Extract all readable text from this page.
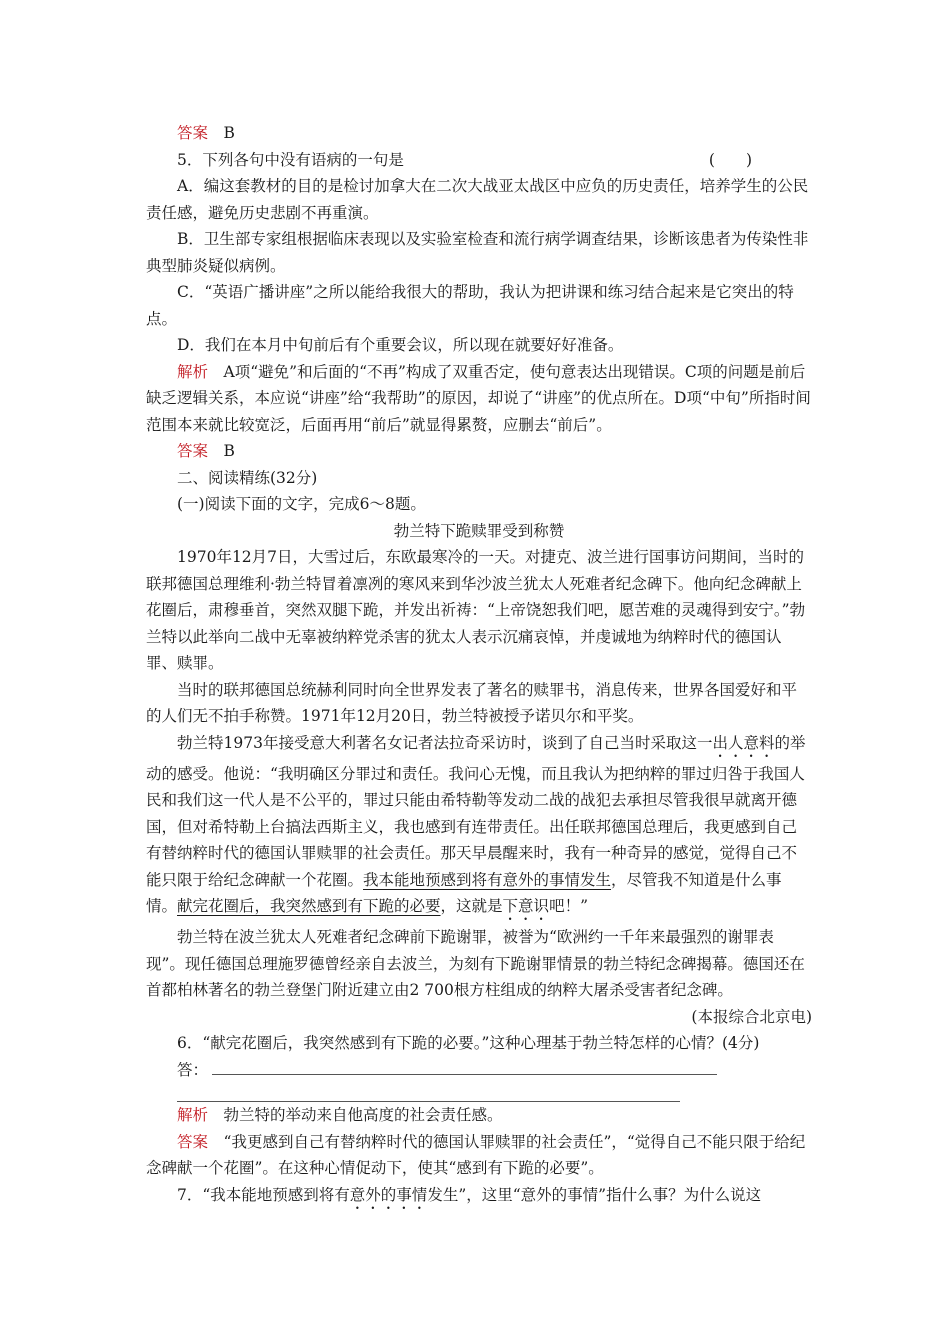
答案　 B

5．下列各句中没有语病的一句是	(　　)

A．编这套教材的目的是检讨加拿大在二次大战亚太战区中应负的历史责任，培养学生的公民责任感，避免历史悲剧不再重演。

B．卫生部专家组根据临床表现以及实验室检查和流行病学调查结果，诊断该患者为传染性非典型肺炎疑似病例。

C．“英语广播讲座”之所以能给我很大的帮助，我认为把讲课和练习结合起来是它突出的特点。

D．我们在本月中旬前后有个重要会议，所以现在就要好好准备。

解析　 A项“避免”和后面的“不再”构成了双重否定，使句意表达出现错误。C项的问题是前后缺乏逻辑关系，本应说“讲座”给“我帮助”的原因，却说了“讲座”的优点所在。D项“中旬”所指时间范围本来就比较宽泛，后面再用“前后”就显得累赘，应删去“前后”。

答案　 B

二、阅读精练(32分)

(一)阅读下面的文字，完成6～8题。

勃兰特下跪赎罪受到称赞

1970年12月7日，大雪过后，东欧最寒冷的一天。对捷克、波兰进行国事访问期间，当时的联邦德国总理维利·勃兰特冒着凛冽的寒风来到华沙波兰犹太人死难者纪念碑下。他向纪念碑献上花圈后，肃穆垂首，突然双腿下跪，并发出祈祷：“上帝饶恕我们吧，愿苦难的灵魂得到安宁。”勃兰特以此举向二战中无辜被纳粹党杀害的犹太人表示沉痛哀悼，并虔诚地为纳粹时代的德国认罪、赎罪。

当时的联邦德国总统赫利同时向全世界发表了著名的赎罪书，消息传来，世界各国爱好和平的人们无不拍手称赞。1971年12月20日，勃兰特被授予诺贝尔和平奖。

勃兰特1973年接受意大利著名女记者法拉奇采访时，谈到了自己当时采取这一出人意料的举动的感受。他说：“我明确区分罪过和责任。我问心无愧，而且我认为把纳粹的罪过归咎于我国人民和我们这一代人是不公平的，罪过只能由希特勒等发动二战的战犯去承担尽管我很早就离开德国，但对希特勒上台搞法西斯主义，我也感到有连带责任。出任联邦德国总理后，我更感到自己有替纳粹时代的德国认罪赎罪的社会责任。那天早晨醒来时，我有一种奇异的感觉，觉得自己不能只限于给纪念碑献一个花圈。我本能地预感到将有意外的事情发生，尽管我不知道是什么事情。献完花圈后，我突然感到有下跪的必要，这就是下意识吧！”

勃兰特在波兰犹太人死难者纪念碑前下跪谢罪，被誉为“欧洲约一千年来最强烈的谢罪表现”。现任德国总理施罗德曾经亲自去波兰，为刻有下跪谢罪情景的勃兰特纪念碑揭幕。德国还在首都柏林著名的勃兰登堡门附近建立由2 700根方柱组成的纳粹大屠杀受害者纪念碑。

(本报综合北京电)

6．“献完花圈后，我突然感到有下跪的必要。”这种心理基于勃兰特怎样的心情？(4分)

答：

解析　 勃兰特的举动来自他高度的社会责任感。

答案　 “我更感到自己有替纳粹时代的德国认罪赎罪的社会责任”，“觉得自己不能只限于给纪念碑献一个花圈”。在这种心情促动下，使其“感到有下跪的必要”。

7．“我本能地预感到将有意外的事情发生”，这里“意外的事情”指什么事？为什么说这
